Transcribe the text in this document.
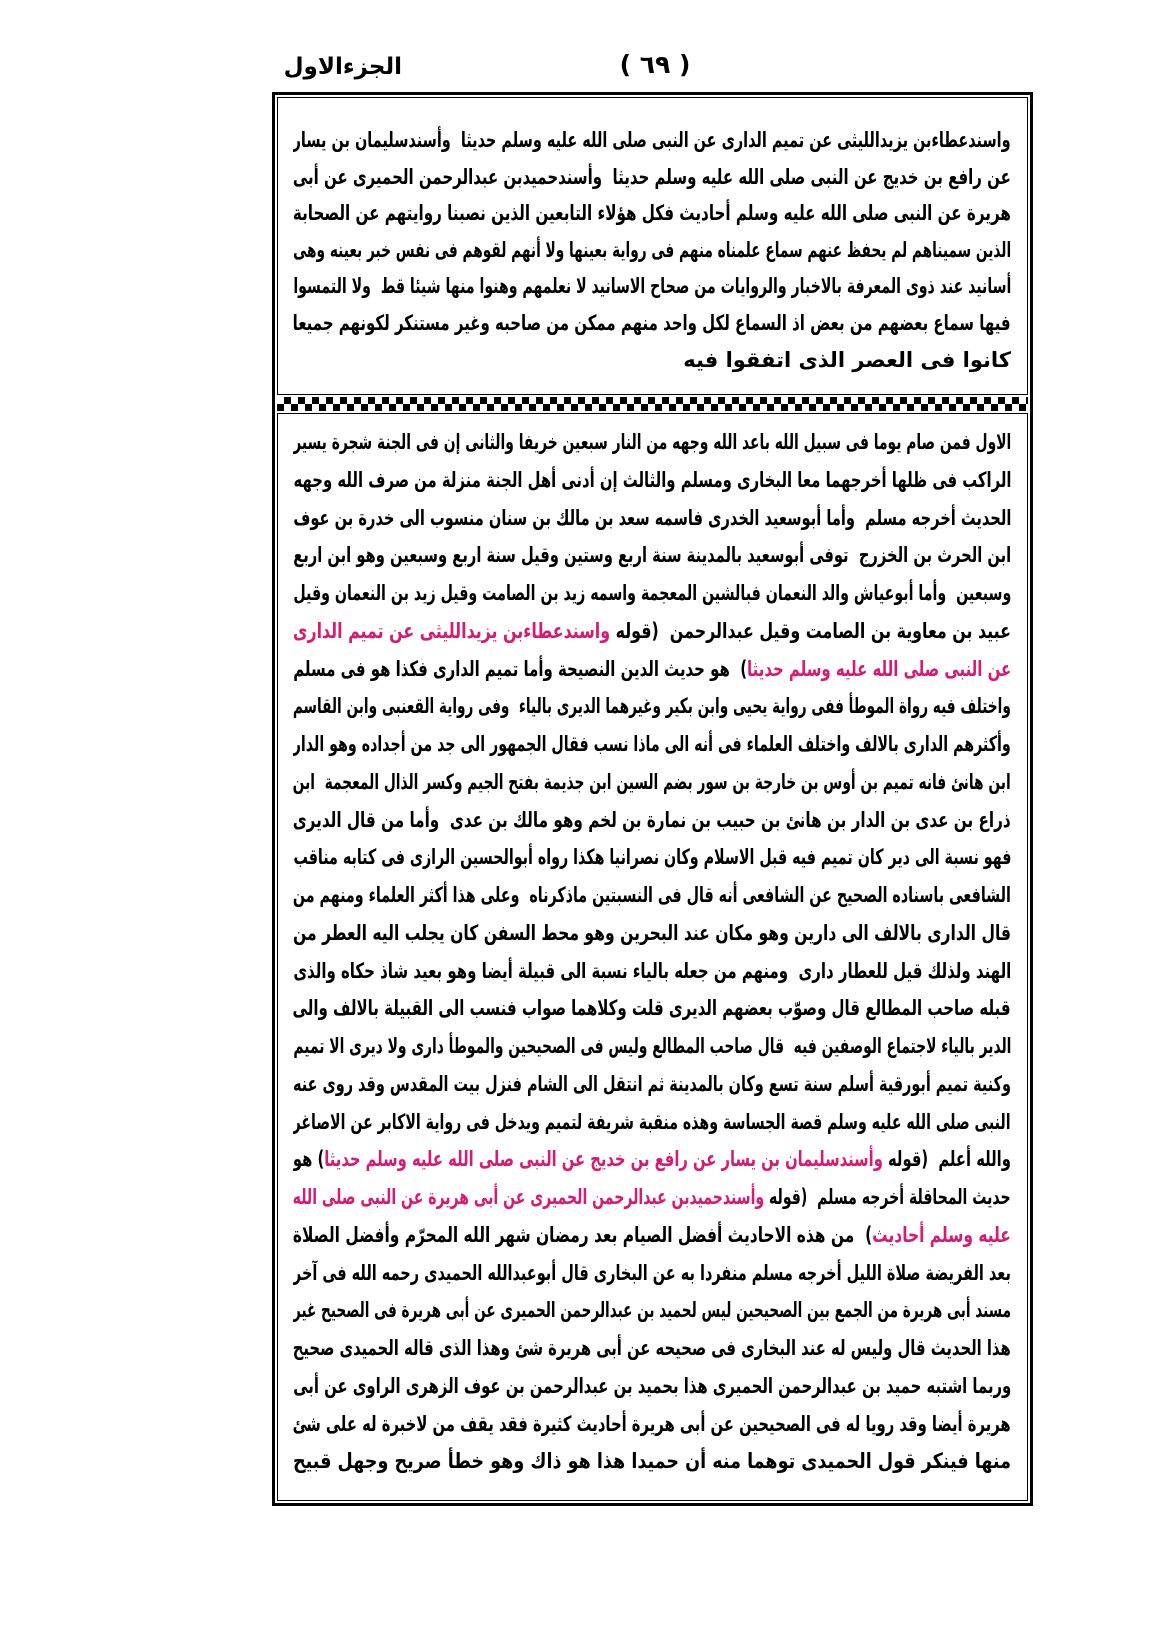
الجزءالاول	( ٦٩ )
واسندعطاءبن يزيدالليثى عن تميم الدارى عن النبى صلى الله عليه وسلم حديثا  وأسندسليمان بن يسار
عن رافع بن خديج عن النبى صلى الله عليه وسلم حديثا  وأسندحميدبن عبدالرحمن الحميرى عن أبى
هريرة عن النبى صلى الله عليه وسلم أحاديث فكل هؤلاء التابعين الذين نصبنا روايتهم عن الصحابة
الذين سميناهم لم يحفظ عنهم سماع علمناه منهم فى رواية بعينها ولا أنهم لقوهم فى نفس خبر بعينه وهى
أسانيد عند ذوى المعرفة بالاخبار والروايات من صحاح الاسانيد لا نعلمهم وهنوا منها شيئا قط  ولا التمسوا
فيها سماع بعضهم من بعض اذ السماع لكل واحد منهم ممكن من صاحبه وغير مستنكر لكونهم جميعا
كانوا فى العصر الذى اتفقوا فيه
الاول فمن صام يوما فى سبيل الله باعد الله وجهه من النار سبعين خريفا والثانى إن فى الجنة شجرة يسير
الراكب فى ظلها أخرجهما معا البخارى ومسلم والثالث إن أدنى أهل الجنة منزلة من صرف الله وجهه
الحديث أخرجه مسلم  وأما أبوسعيد الخدرى فاسمه سعد بن مالك بن سنان منسوب الى خدرة بن عوف
ابن الحرث بن الخزرج  توفى أبوسعيد بالمدينة سنة اربع وستين وقيل سنة اربع وسبعين وهو ابن اربع
وسبعين  وأما أبوعياش والد النعمان فبالشين المعجمة واسمه زيد بن الصامت وقيل زيد بن النعمان وقيل
عبيد بن معاوية بن الصامت وقيل عبدالرحمن  (قوله واسندعطاءبن يزيدالليثى عن تميم الدارى
عن النبى صلى الله عليه وسلم حديثا)  هو حديث الدين النصيحة وأما تميم الدارى فكذا هو فى مسلم
واختلف فيه رواة الموطأ ففى رواية يحيى وابن بكير وغيرهما الديرى بالياء  وفى رواية القعنبى وابن القاسم
وأكثرهم الدارى بالالف واختلف العلماء فى أنه الى ماذا نسب فقال الجمهور الى جد من أجداده وهو الدار
ابن هانئ فانه تميم بن أوس بن خارجة بن سور بضم السين ابن جذيمة بفتح الجيم وكسر الذال المعجمة  ابن
ذراع بن عدى بن الدار بن هانئ بن حبيب بن نمارة بن لخم وهو مالك بن عدى  وأما من قال الديرى
فهو نسبة الى دير كان تميم فيه قبل الاسلام وكان نصرانيا هكذا رواه أبوالحسين الرازى فى كتابه مناقب
الشافعى باسناده الصحيح عن الشافعى أنه قال فى النسبتين ماذكرناه  وعلى هذا أكثر العلماء ومنهم من
قال الدارى بالالف الى دارين وهو مكان عند البحرين وهو محط السفن كان يجلب اليه العطر من
الهند ولذلك قيل للعطار دارى  ومنهم من جعله بالياء نسبة الى قبيلة أيضا وهو بعيد شاذ حكاه والذى
قبله صاحب المطالع قال وصوّب بعضهم الديرى قلت وكلاهما صواب فنسب الى القبيلة بالالف والى
الدير بالياء لاجتماع الوصفين فيه  قال صاحب المطالع وليس فى الصحيحين والموطأ دارى ولا ديرى الا تميم
وكنية تميم أبورقية أسلم سنة تسع وكان بالمدينة ثم انتقل الى الشام فنزل بيت المقدس وقد روى عنه
النبى صلى الله عليه وسلم قصة الجساسة وهذه منقبة شريفة لتميم ويدخل فى رواية الاكابر عن الاصاغر
والله أعلم  (قوله وأسندسليمان بن يسار عن رافع بن خديج عن النبى صلى الله عليه وسلم حديثا) هو
حديث المحاقلة أخرجه مسلم  (قوله وأسندحميدبن عبدالرحمن الحميرى عن أبى هريرة عن النبى صلى الله
عليه وسلم أحاديث)  من هذه الاحاديث أفضل الصيام بعد رمضان شهر الله المحرّم وأفضل الصلاة
بعد الفريضة صلاة الليل أخرجه مسلم منفردا به عن البخارى قال أبوعبدالله الحميدى رحمه الله فى آخر
مسند أبى هريرة من الجمع بين الصحيحين ليس لحميد بن عبدالرحمن الحميرى عن أبى هريرة فى الصحيح غير
هذا الحديث قال وليس له عند البخارى فى صحيحه عن أبى هريرة شئ وهذا الذى قاله الحميدى صحيح
وربما اشتبه حميد بن عبدالرحمن الحميرى هذا بحميد بن عبدالرحمن بن عوف الزهرى الراوى عن أبى
هريرة أيضا وقد رويا له فى الصحيحين عن أبى هريرة أحاديث كثيرة فقد يقف من لاخبرة له على شئ
منها فينكر قول الحميدى توهما منه أن حميدا هذا هو ذاك وهو خطأ صريح وجهل قبيح
